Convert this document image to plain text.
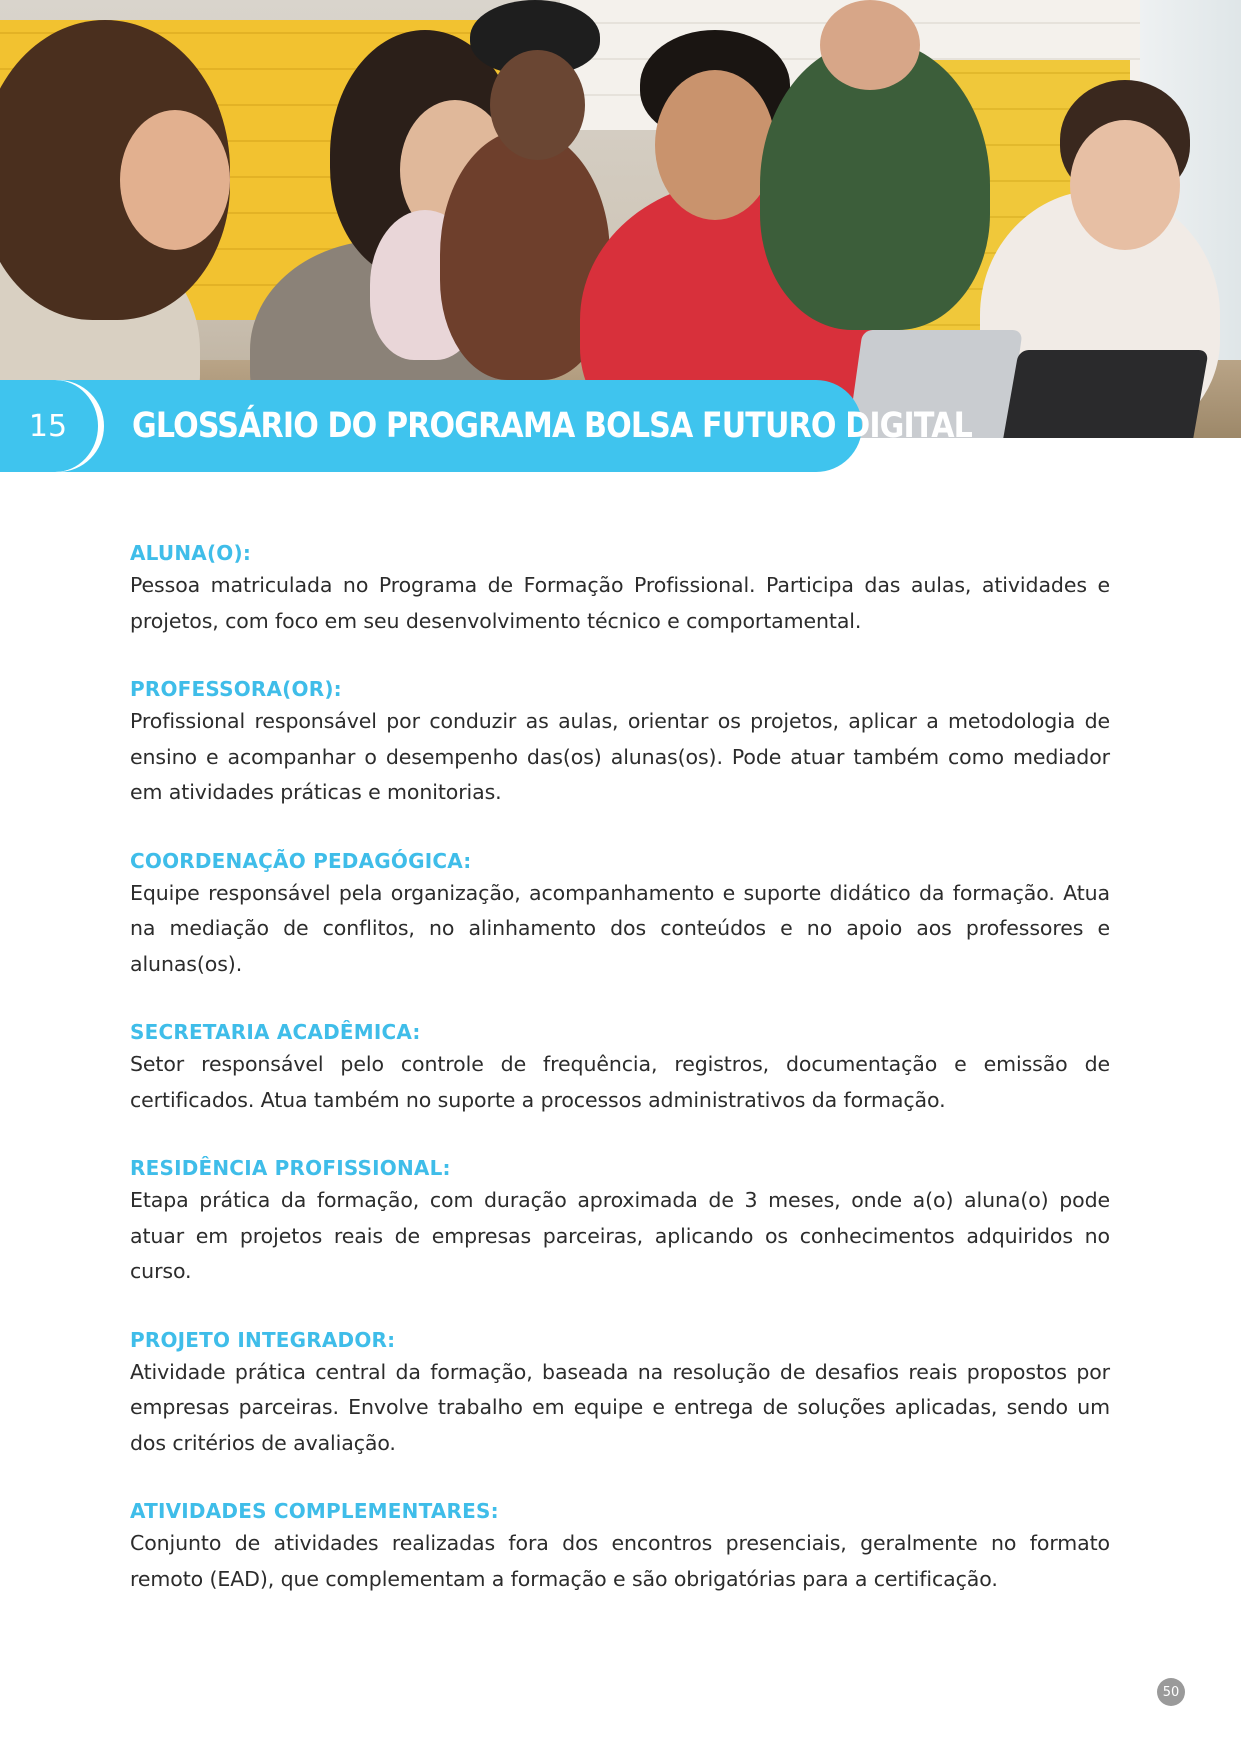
15 GLOSSÁRIO DO PROGRAMA BOLSA FUTURO DIGITAL

ALUNA(O):

Pessoa matriculada no Programa de Formação Profissional. Participa das aulas, atividades e projetos, com foco em seu desenvolvimento técnico e comportamental.

PROFESSORA(OR):

Profissional responsável por conduzir as aulas, orientar os projetos, aplicar a metodologia de ensino e acompanhar o desempenho das(os) alunas(os). Pode atuar também como mediador em atividades práticas e monitorias.

COORDENAÇÃO PEDAGÓGICA:

Equipe responsável pela organização, acompanhamento e suporte didático da formação. Atua na mediação de conflitos, no alinhamento dos conteúdos e no apoio aos professores e alunas(os).

SECRETARIA ACADÊMICA:

Setor responsável pelo controle de frequência, registros, documentação e emissão de certificados. Atua também no suporte a processos administrativos da formação.

RESIDÊNCIA PROFISSIONAL:

Etapa prática da formação, com duração aproximada de 3 meses, onde a(o) aluna(o) pode atuar em projetos reais de empresas parceiras, aplicando os conhecimentos adquiridos no curso.

PROJETO INTEGRADOR:

Atividade prática central da formação, baseada na resolução de desafios reais propostos por empresas parceiras. Envolve trabalho em equipe e entrega de soluções aplicadas, sendo um dos critérios de avaliação.

ATIVIDADES COMPLEMENTARES:

Conjunto de atividades realizadas fora dos encontros presenciais, geralmente no formato remoto (EAD), que complementam a formação e são obrigatórias para a certificação.

50
